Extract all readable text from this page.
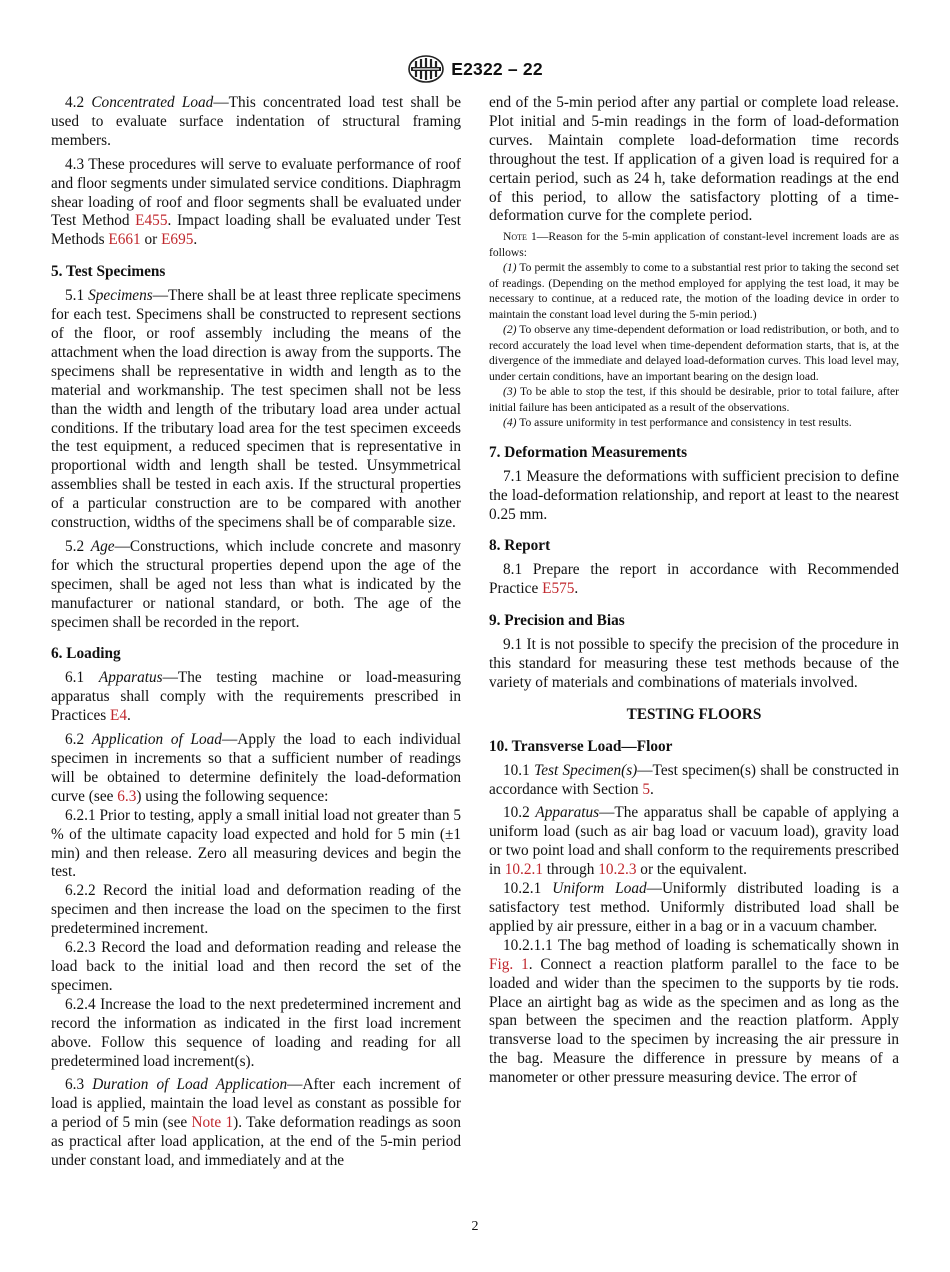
E2322 – 22

4.2 Concentrated Load—This concentrated load test shall be used to evaluate surface indentation of structural framing members.

4.3 These procedures will serve to evaluate performance of roof and floor segments under simulated service conditions. Diaphragm shear loading of roof and floor segments shall be evaluated under Test Method E455. Impact loading shall be evaluated under Test Methods E661 or E695.

5. Test Specimens

5.1 Specimens—There shall be at least three replicate specimens for each test. Specimens shall be constructed to represent sections of the floor, or roof assembly including the means of the attachment when the load direction is away from the supports. The specimens shall be representative in width and length as to the material and workmanship. The test specimen shall not be less than the width and length of the tributary load area under actual conditions. If the tributary load area for the test specimen exceeds the test equipment, a reduced specimen that is representative in proportional width and length shall be tested. Unsymmetrical assemblies shall be tested in each axis. If the structural properties of a particular construction are to be compared with another construction, widths of the specimens shall be of comparable size.

5.2 Age—Constructions, which include concrete and masonry for which the structural properties depend upon the age of the specimen, shall be aged not less than what is indicated by the manufacturer or national standard, or both. The age of the specimen shall be recorded in the report.

6. Loading

6.1 Apparatus—The testing machine or load-measuring apparatus shall comply with the requirements prescribed in Practices E4.

6.2 Application of Load—Apply the load to each individual specimen in increments so that a sufficient number of readings will be obtained to determine definitely the load-deformation curve (see 6.3) using the following sequence:

6.2.1 Prior to testing, apply a small initial load not greater than 5 % of the ultimate capacity load expected and hold for 5 min (±1 min) and then release. Zero all measuring devices and begin the test.

6.2.2 Record the initial load and deformation reading of the specimen and then increase the load on the specimen to the first predetermined increment.

6.2.3 Record the load and deformation reading and release the load back to the initial load and then record the set of the specimen.

6.2.4 Increase the load to the next predetermined increment and record the information as indicated in the first load increment above. Follow this sequence of loading and reading for all predetermined load increment(s).

6.3 Duration of Load Application—After each increment of load is applied, maintain the load level as constant as possible for a period of 5 min (see Note 1). Take deformation readings as soon as practical after load application, at the end of the 5-min period under constant load, and immediately and at the

end of the 5-min period after any partial or complete load release. Plot initial and 5-min readings in the form of load-deformation curves. Maintain complete load-deformation time records throughout the test. If application of a given load is required for a certain period, such as 24 h, take deformation readings at the end of this period, to allow the satisfactory plotting of a time-deformation curve for the complete period.

Note 1—Reason for the 5-min application of constant-level increment loads are as follows:

(1) To permit the assembly to come to a substantial rest prior to taking the second set of readings. (Depending on the method employed for applying the test load, it may be necessary to continue, at a reduced rate, the motion of the loading device in order to maintain the constant load level during the 5-min period.)

(2) To observe any time-dependent deformation or load redistribution, or both, and to record accurately the load level when time-dependent deformation starts, that is, at the divergence of the immediate and delayed load-deformation curves. This load level may, under certain conditions, have an important bearing on the design load.

(3) To be able to stop the test, if this should be desirable, prior to total failure, after initial failure has been anticipated as a result of the observations.

(4) To assure uniformity in test performance and consistency in test results.

7. Deformation Measurements

7.1 Measure the deformations with sufficient precision to define the load-deformation relationship, and report at least to the nearest 0.25 mm.

8. Report

8.1 Prepare the report in accordance with Recommended Practice E575.

9. Precision and Bias

9.1 It is not possible to specify the precision of the procedure in this standard for measuring these test methods because of the variety of materials and combinations of materials involved.

TESTING FLOORS
10. Transverse Load—Floor

10.1 Test Specimen(s)—Test specimen(s) shall be constructed in accordance with Section 5.

10.2 Apparatus—The apparatus shall be capable of applying a uniform load (such as air bag load or vacuum load), gravity load or two point load and shall conform to the requirements prescribed in 10.2.1 through 10.2.3 or the equivalent.

10.2.1 Uniform Load—Uniformly distributed loading is a satisfactory test method. Uniformly distributed load shall be applied by air pressure, either in a bag or in a vacuum chamber.

10.2.1.1 The bag method of loading is schematically shown in Fig. 1. Connect a reaction platform parallel to the face to be loaded and wider than the specimen to the supports by tie rods. Place an airtight bag as wide as the specimen and as long as the span between the specimen and the reaction platform. Apply transverse load to the specimen by increasing the air pressure in the bag. Measure the difference in pressure by means of a manometer or other pressure measuring device. The error of

2
